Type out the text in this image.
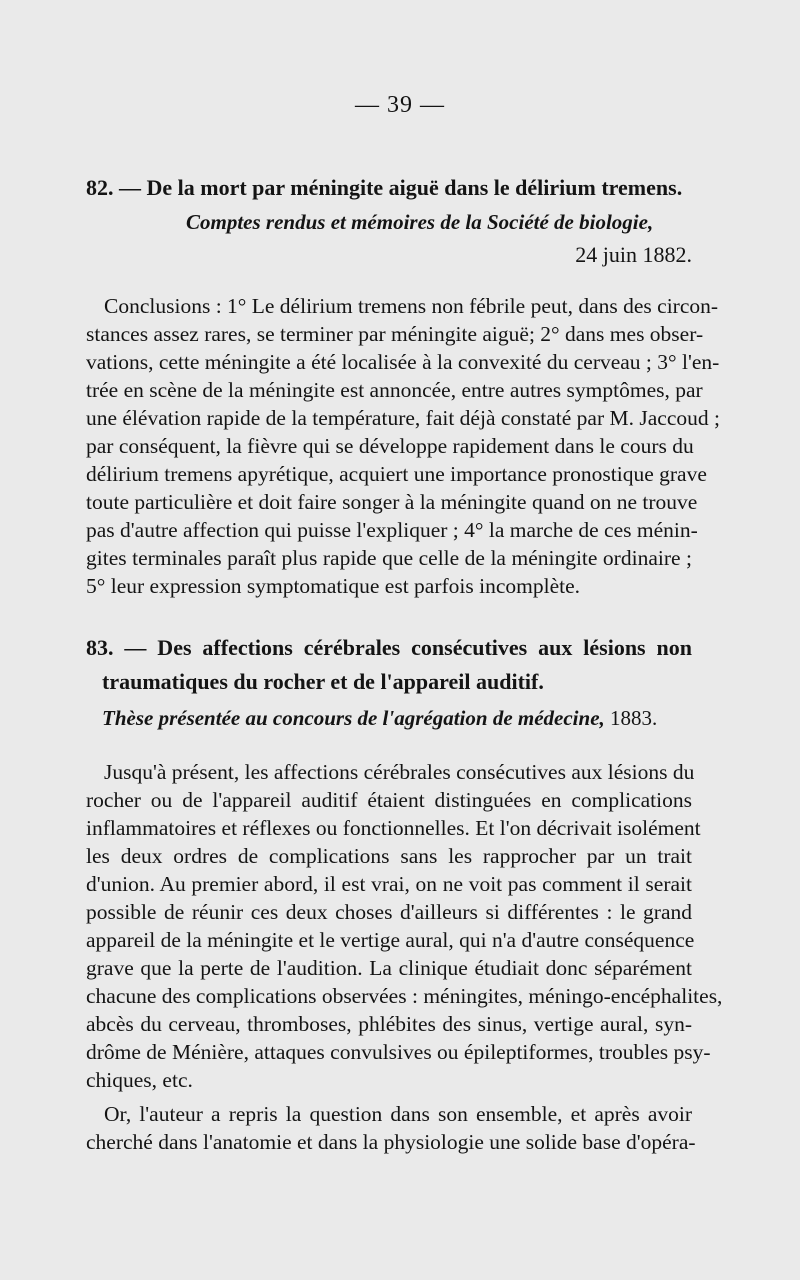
— 39 —
82. — De la mort par méningite aiguë dans le délirium tremens.
Comptes rendus et mémoires de la Société de biologie,
24 juin 1882.
Conclusions : 1° Le délirium tremens non fébrile peut, dans des circon-
stances assez rares, se terminer par méningite aiguë; 2° dans mes obser-
vations, cette méningite a été localisée à la convexité du cerveau ; 3° l'en-
trée en scène de la méningite est annoncée, entre autres symptômes, par
une élévation rapide de la température, fait déjà constaté par M. Jaccoud ;
par conséquent, la fièvre qui se développe rapidement dans le cours du
délirium tremens apyrétique, acquiert une importance pronostique grave
toute particulière et doit faire songer à la méningite quand on ne trouve
pas d'autre affection qui puisse l'expliquer ; 4° la marche de ces ménin-
gites terminales paraît plus rapide que celle de la méningite ordinaire ;
5° leur expression symptomatique est parfois incomplète.
83. — Des affections cérébrales consécutives aux lésions non
traumatiques du rocher et de l'appareil auditif.
Thèse présentée au concours de l'agrégation de médecine, 1883.
Jusqu'à présent, les affections cérébrales consécutives aux lésions du
rocher ou de l'appareil auditif étaient distinguées en complications
inflammatoires et réflexes ou fonctionnelles. Et l'on décrivait isolément
les deux ordres de complications sans les rapprocher par un trait
d'union. Au premier abord, il est vrai, on ne voit pas comment il serait
possible de réunir ces deux choses d'ailleurs si différentes : le grand
appareil de la méningite et le vertige aural, qui n'a d'autre conséquence
grave que la perte de l'audition. La clinique étudiait donc séparément
chacune des complications observées : méningites, méningo-encéphalites,
abcès du cerveau, thromboses, phlébites des sinus, vertige aural, syn-
drôme de Ménière, attaques convulsives ou épileptiformes, troubles psy-
chiques, etc.
Or, l'auteur a repris la question dans son ensemble, et après avoir
cherché dans l'anatomie et dans la physiologie une solide base d'opéra-
